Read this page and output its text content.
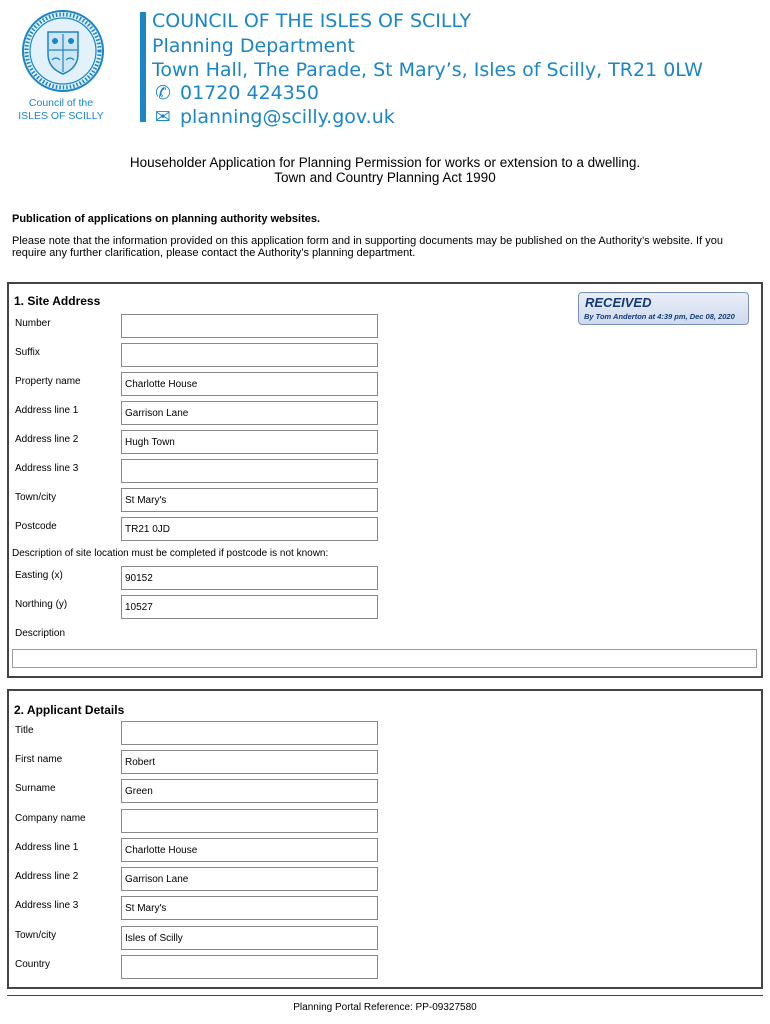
Council of the
ISLES OF SCILLY
COUNCIL OF THE ISLES OF SCILLY
Planning Department
Town Hall, The Parade, St Mary’s, Isles of Scilly, TR21 0LW
✆ 01720 424350
✉ planning@scilly.gov.uk
Householder Application for Planning Permission for works or extension to a dwelling.
Town and Country Planning Act 1990
Publication of applications on planning authority websites.
Please note that the information provided on this application form and in supporting documents may be published on the Authority’s website. If you require any further clarification, please contact the Authority’s planning department.
1. Site Address	RECEIVED
By Tom Anderton at 4:39 pm, Dec 08, 2020
Number
Suffix
Property name	Charlotte House
Address line 1	Garrison Lane
Address line 2	Hugh Town
Address line 3
Town/city	St Mary's
Postcode	TR21 0JD
Description of site location must be completed if postcode is not known:
Easting (x)	90152
Northing (y)	10527
Description
2. Applicant Details
Title
First name	Robert
Surname	Green
Company name
Address line 1	Charlotte House
Address line 2	Garrison Lane
Address line 3	St Mary's
Town/city	Isles of Scilly
Country
Planning Portal Reference: PP-09327580
